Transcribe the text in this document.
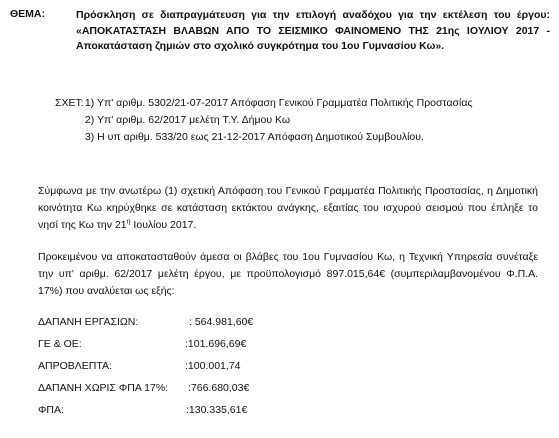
ΘΕΜΑ:	Πρόσκληση σε διαπραγμάτευση για την επιλογή αναδόχου για την εκτέλεση του έργου: «ΑΠΟΚΑΤΑΣΤΑΣΗ ΒΛΑΒΩΝ ΑΠΟ ΤΟ ΣΕΙΣΜΙΚΟ ΦΑΙΝΟΜΕΝΟ ΤΗΣ 21ης ΙΟΥΛΙΟΥ 2017 - Αποκατάσταση ζημιών στο σχολικό συγκρότημα του 1ου Γυμνασίου Κω».
ΣΧΕΤ: 1) Υπ' αριθμ. 5302/21-07-2017 Απόφαση Γενικού Γραμματέα Πολιτικής Προστασίας
2) Υπ' αριθμ. 62/2017 μελέτη Τ.Υ. Δήμου Κω
3) Η υπ αριθμ. 533/20 εως 21-12-2017 Απόφαση Δημοτικού Συμβουλίου.
Σύμφωνα με την ανωτέρω (1) σχετική Απόφαση του Γενικού Γραμματέα Πολιτικής Προστασίας, η Δημοτική κοινότητα Κω κηρύχθηκε σε κατάσταση εκτάκτου ανάγκης, εξαιτίας του ισχυρού σεισμού που έπληξε το νησί της Κω την $21^\eta$ Ιουλίου 2017.
Προκειμένου να αποκατασταθούν άμεσα οι βλάβες του 1ου Γυμνασίου Κω, η Τεχνική Υπηρεσία συνέταξε την υπ' αριθμ. 62/2017 μελέτη έργου, με προϋπολογισμό 897.015,64€ (συμπεριλαμβανομένου Φ.Π.Α. 17%) που αναλύεται ως εξής:
ΔΑΠΑΝΗ ΕΡΓΑΣΙΩΝ:	: 564.981,60€
ΓΕ & ΟΕ:	:101.696,69€
ΑΠΡΟΒΛΕΠΤΑ:	:100.001,74
ΔΑΠΑΝΗ ΧΩΡΙΣ ΦΠΑ 17%: :766.680,03€
ΦΠΑ:	:130.335,61€
